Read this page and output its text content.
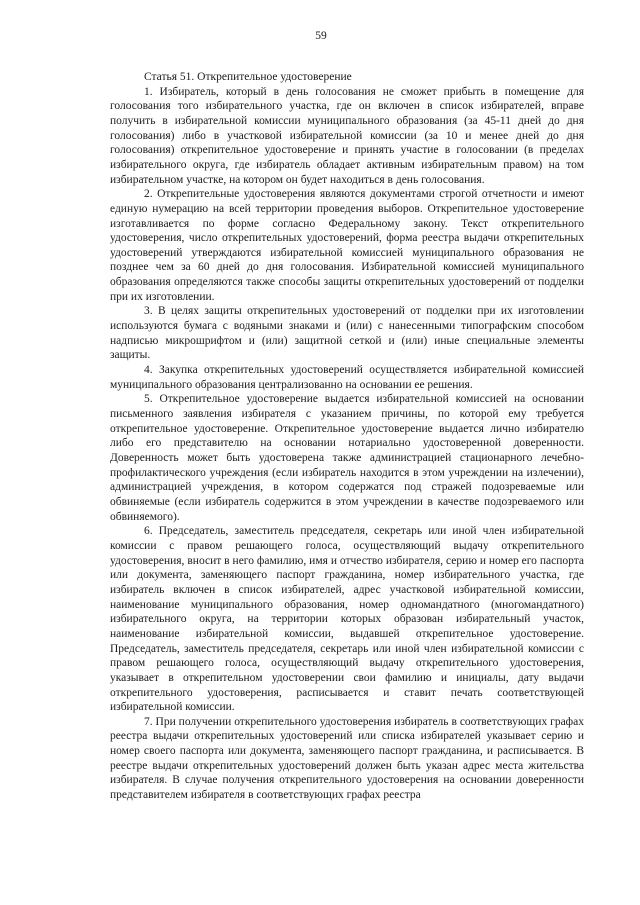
59

Статья 51. Открепительное удостоверение

1. Избиратель, который в день голосования не сможет прибыть в помещение для голосования того избирательного участка, где он включен в список избирателей, вправе получить в избирательной комиссии муниципального образования (за 45-11 дней до дня голосования) либо в участковой избирательной комиссии (за 10 и менее дней до дня голосования) открепительное удостоверение и принять участие в голосовании (в пределах избирательного округа, где избиратель обладает активным избирательным правом) на том избирательном участке, на котором он будет находиться в день голосования.

2. Открепительные удостоверения являются документами строгой отчетности и имеют единую нумерацию на всей территории проведения выборов. Открепительное удостоверение изготавливается по форме согласно Федеральному закону. Текст открепительного удостоверения, число открепительных удостоверений, форма реестра выдачи открепительных удостоверений утверждаются избирательной комиссией муниципального образования не позднее чем за 60 дней до дня голосования. Избирательной комиссией муниципального образования определяются также способы защиты открепительных удостоверений от подделки при их изготовлении.

3. В целях защиты открепительных удостоверений от подделки при их изготовлении используются бумага с водяными знаками и (или) с нанесенными типографским способом надписью микрошрифтом и (или) защитной сеткой и (или) иные специальные элементы защиты.

4. Закупка открепительных удостоверений осуществляется избирательной комиссией муниципального образования централизованно на основании ее решения.

5. Открепительное удостоверение выдается избирательной комиссией на основании письменного заявления избирателя с указанием причины, по которой ему требуется открепительное удостоверение. Открепительное удостоверение выдается лично избирателю либо его представителю на основании нотариально удостоверенной доверенности. Доверенность может быть удостоверена также администрацией стационарного лечебно-профилактического учреждения (если избиратель находится в этом учреждении на излечении), администрацией учреждения, в котором содержатся под стражей подозреваемые или обвиняемые (если избиратель содержится в этом учреждении в качестве подозреваемого или обвиняемого).

6. Председатель, заместитель председателя, секретарь или иной член избирательной комиссии с правом решающего голоса, осуществляющий выдачу открепительного удостоверения, вносит в него фамилию, имя и отчество избирателя, серию и номер его паспорта или документа, заменяющего паспорт гражданина, номер избирательного участка, где избиратель включен в список избирателей, адрес участковой избирательной комиссии, наименование муниципального образования, номер одномандатного (многомандатного) избирательного округа, на территории которых образован избирательный участок, наименование избирательной комиссии, выдавшей открепительное удостоверение. Председатель, заместитель председателя, секретарь или иной член избирательной комиссии с правом решающего голоса, осуществляющий выдачу открепительного удостоверения, указывает в открепительном удостоверении свои фамилию и инициалы, дату выдачи открепительного удостоверения, расписывается и ставит печать соответствующей избирательной комиссии.

7. При получении открепительного удостоверения избиратель в соответствующих графах реестра выдачи открепительных удостоверений или списка избирателей указывает серию и номер своего паспорта или документа, заменяющего паспорт гражданина, и расписывается. В реестре выдачи открепительных удостоверений должен быть указан адрес места жительства избирателя. В случае получения открепительного удостоверения на основании доверенности представителем избирателя в соответствующих графах реестра
